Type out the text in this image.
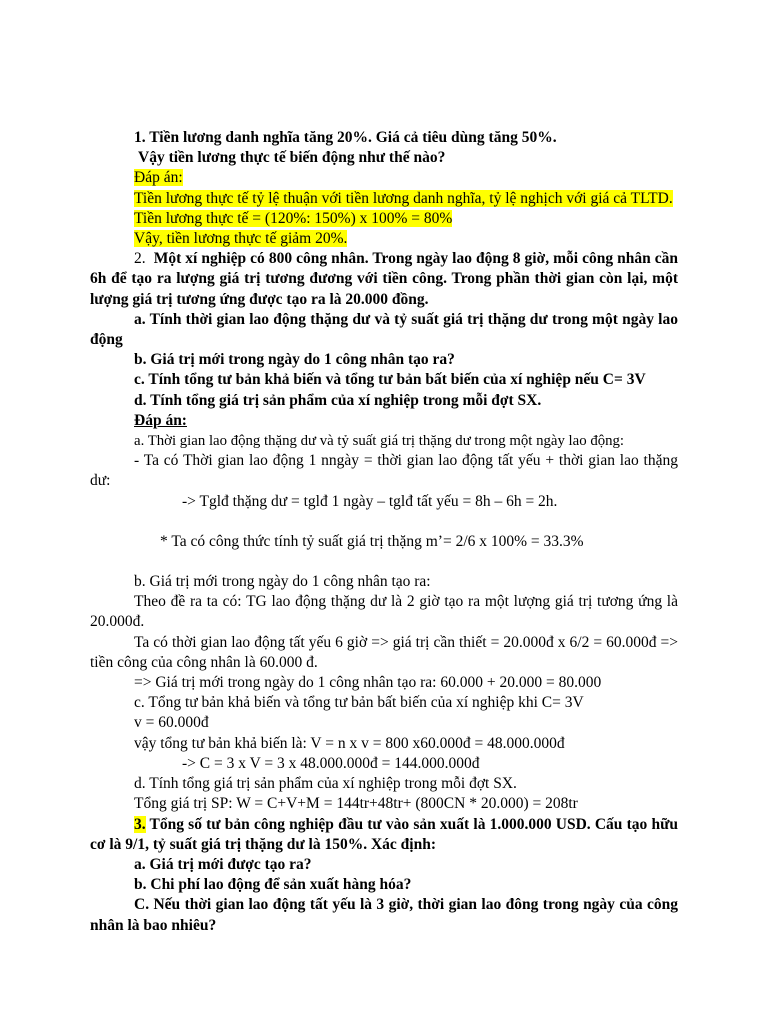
1. Tiền lương danh nghĩa tăng 20%. Giá cả tiêu dùng tăng 50%.
Vậy tiền lương thực tế biến động như thế nào?
Đáp án:
Tiền lương thực tế tỷ lệ thuận với tiền lương danh nghĩa, tỷ lệ nghịch với giá cả TLTD.
Tiền lương thực tế = (120%: 150%) x 100% = 80%
Vậy, tiền lương thực tế giảm 20%.
2. Một xí nghiệp có 800 công nhân. Trong ngày lao động 8 giờ, mỗi công nhân cần 6h để tạo ra lượng giá trị tương đương với tiền công. Trong phần thời gian còn lại, một lượng giá trị tương ứng được tạo ra là 20.000 đồng.
a. Tính thời gian lao động thặng dư và tỷ suất giá trị thặng dư trong một ngày lao động
b. Giá trị mới trong ngày do 1 công nhân tạo ra?
c. Tính tổng tư bản khả biến và tổng tư bản bất biến của xí nghiệp nếu C= 3V
d. Tính tổng giá trị sản phẩm của xí nghiệp trong mỗi đợt SX.
Đáp án:
a. Thời gian lao động thặng dư và tỷ suất giá trị thặng dư trong một ngày lao động:
- Ta có Thời gian lao động 1 nngày = thời gian lao động tất yếu + thời gian lao thặng dư:
-> Tglđ thặng dư = tglđ 1 ngày – tglđ tất yếu = 8h – 6h = 2h.
* Ta có công thức tính tỷ suất giá trị thặng m’= 2/6 x 100% = 33.3%
b. Giá trị mới trong ngày do 1 công nhân tạo ra:
Theo đề ra ta có: TG lao động thặng dư là 2 giờ tạo ra một lượng giá trị tương ứng là 20.000đ.
Ta có thời gian lao động tất yếu 6 giờ => giá trị cần thiết = 20.000đ x 6/2 = 60.000đ => tiền công của công nhân là 60.000 đ.
=> Giá trị mới trong ngày do 1 công nhân tạo ra: 60.000 + 20.000 = 80.000
c. Tổng tư bản khả biến và tổng tư bản bất biến của xí nghiệp khi C= 3V
v = 60.000đ
vậy tổng tư bản khả biến là: V = n x v = 800 x60.000đ = 48.000.000đ
-> C = 3 x V = 3 x 48.000.000đ = 144.000.000đ
d. Tính tổng giá trị sản phẩm của xí nghiệp trong mỗi đợt SX.
Tổng giá trị SP: W = C+V+M = 144tr+48tr+ (800CN * 20.000) = 208tr
3. Tổng số tư bản công nghiệp đầu tư vào sản xuất là 1.000.000 USD. Cấu tạo hữu cơ là 9/1, tỷ suất giá trị thặng dư là 150%. Xác định:
a. Giá trị mới được tạo ra?
b. Chi phí lao động để sản xuất hàng hóa?
C. Nếu thời gian lao động tất yếu là 3 giờ, thời gian lao đông trong ngày của công nhân là bao nhiêu?
